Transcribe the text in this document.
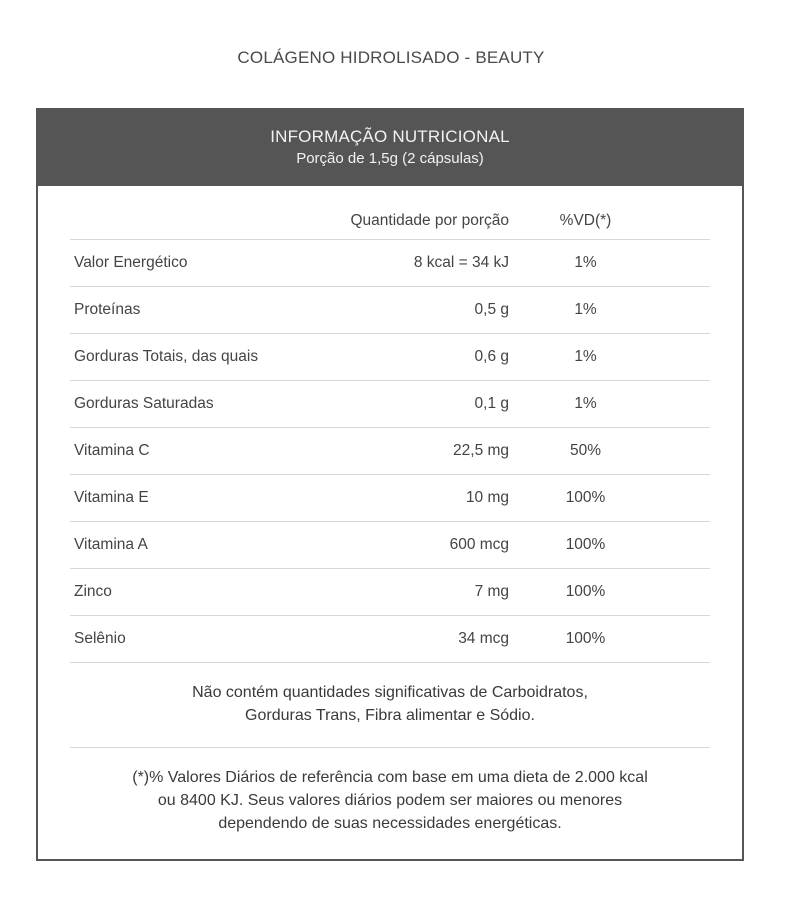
COLÁGENO HIDROLISADO - BEAUTY
INFORMAÇÃO NUTRICIONAL
Porção de 1,5g (2 cápsulas)
	Quantidade por porção	%VD(*)
Valor Energético	8 kcal = 34 kJ	1%
Proteínas	0,5 g	1%
Gorduras Totais, das quais	0,6 g	1%
Gorduras Saturadas	0,1 g	1%
Vitamina C	22,5 mg	50%
Vitamina E	10 mg	100%
Vitamina A	600 mcg	100%
Zinco	7 mg	100%
Selênio	34 mcg	100%
Não contém quantidades significativas de Carboidratos,
Gorduras Trans, Fibra alimentar e Sódio.
(*)% Valores Diários de referência com base em uma dieta de 2.000 kcal
ou 8400 KJ. Seus valores diários podem ser maiores ou menores
dependendo de suas necessidades energéticas.
